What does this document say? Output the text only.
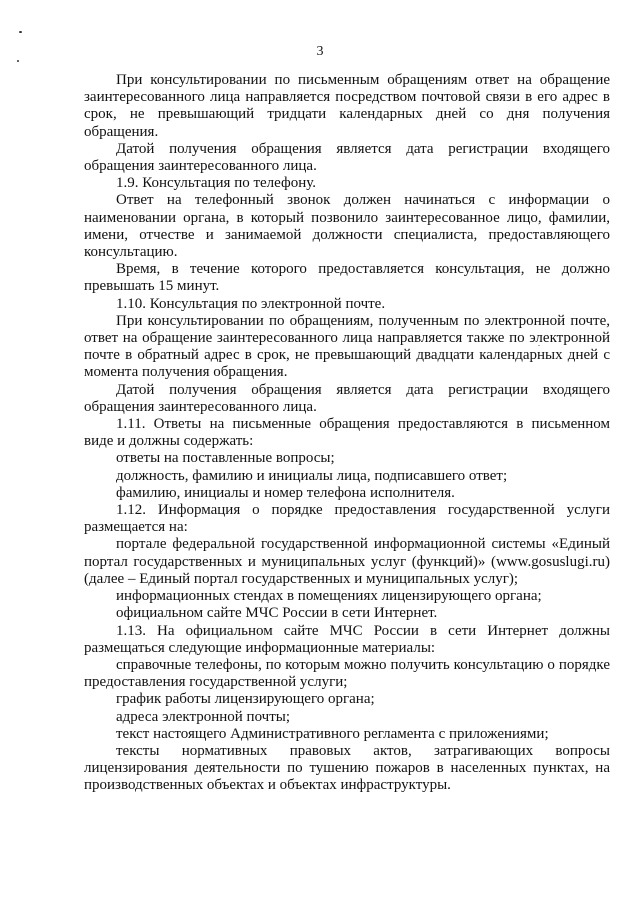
3

При консультировании по письменным обращениям ответ на обращение заинтересованного лица направляется посредством почтовой связи в его адрес в срок, не превышающий тридцати календарных дней со дня получения обращения.

Датой получения обращения является дата регистрации входящего обращения заинтересованного лица.

1.9. Консультация по телефону.

Ответ на телефонный звонок должен начинаться с информации о наименовании органа, в который позвонило заинтересованное лицо, фамилии, имени, отчестве и занимаемой должности специалиста, предоставляющего консультацию.

Время, в течение которого предоставляется консультация, не должно превышать 15 минут.

1.10. Консультация по электронной почте.

При консультировании по обращениям, полученным по электронной почте, ответ на обращение заинтересованного лица направляется также по электронной почте в обратный адрес в срок, не превышающий двадцати календарных дней с момента получения обращения.

Датой получения обращения является дата регистрации входящего обращения заинтересованного лица.

1.11. Ответы на письменные обращения предоставляются в письменном виде и должны содержать:

ответы на поставленные вопросы;

должность, фамилию и инициалы лица, подписавшего ответ;

фамилию, инициалы и номер телефона исполнителя.

1.12. Информация о порядке предоставления государственной услуги размещается на:

портале федеральной государственной информационной системы «Единый портал государственных и муниципальных услуг (функций)» (www.gosuslugi.ru) (далее – Единый портал государственных и муниципальных услуг);

информационных стендах в помещениях лицензирующего органа;

официальном сайте МЧС России в сети Интернет.

1.13. На официальном сайте МЧС России в сети Интернет должны размещаться следующие информационные материалы:

справочные телефоны, по которым можно получить консультацию о порядке предоставления государственной услуги;

график работы лицензирующего органа;

адреса электронной почты;

текст настоящего Административного регламента с приложениями;

тексты нормативных правовых актов, затрагивающих вопросы лицензирования деятельности по тушению пожаров в населенных пунктах, на производственных объектах и объектах инфраструктуры.
